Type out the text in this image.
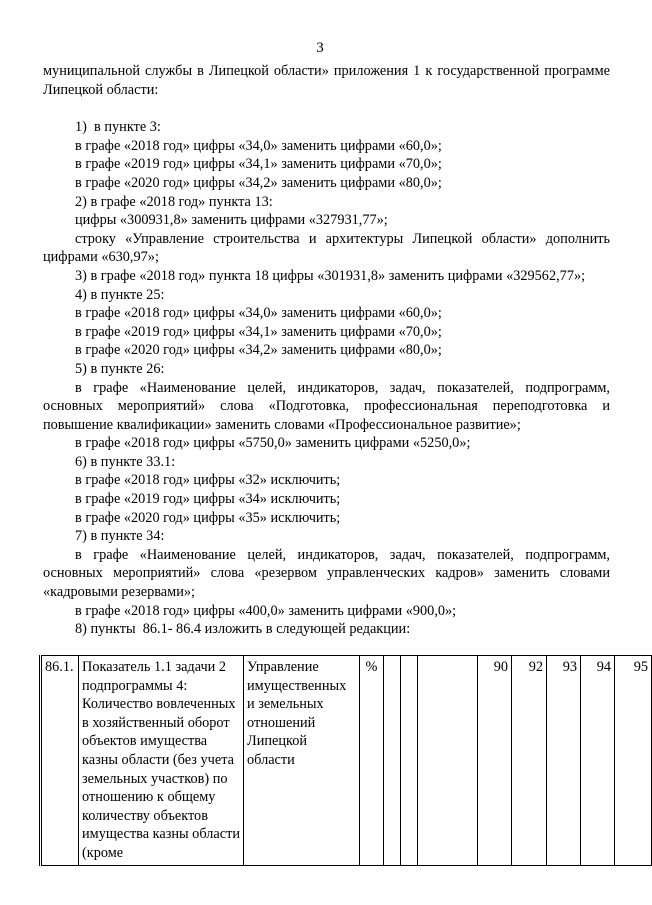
3

муниципальной службы в Липецкой области» приложения 1 к государственной программе Липецкой области:

1)  в пункте 3:

в графе «2018 год» цифры «34,0» заменить цифрами «60,0»;

в графе «2019 год» цифры «34,1» заменить цифрами «70,0»;

в графе «2020 год» цифры «34,2» заменить цифрами «80,0»;

2) в графе «2018 год» пункта 13:

цифры «300931,8» заменить цифрами «327931,77»;

строку «Управление строительства и архитектуры Липецкой области» дополнить цифрами «630,97»;

3) в графе «2018 год» пункта 18 цифры «301931,8» заменить цифрами «329562,77»;

4) в пункте 25:

в графе «2018 год» цифры «34,0» заменить цифрами «60,0»;

в графе «2019 год» цифры «34,1» заменить цифрами «70,0»;

в графе «2020 год» цифры «34,2» заменить цифрами «80,0»;

5) в пункте 26:

в графе «Наименование целей, индикаторов, задач, показателей, подпрограмм, основных мероприятий» слова «Подготовка, профессиональная переподготовка и повышение квалификации» заменить словами «Профессиональное развитие»;

в графе «2018 год» цифры «5750,0» заменить цифрами «5250,0»;

6) в пункте 33.1:

в графе «2018 год» цифры «32» исключить;

в графе «2019 год» цифры «34» исключить;

в графе «2020 год» цифры «35» исключить;

7) в пункте 34:

в графе «Наименование целей, индикаторов, задач, показателей, подпрограмм, основных мероприятий» слова «резервом управленческих кадров» заменить словами «кадровыми резервами»;

в графе «2018 год» цифры «400,0» заменить цифрами «900,0»;

8) пункты  86.1- 86.4 изложить в следующей редакции:

86.1.	Показатель 1.1 задачи 2 подпрограммы 4: Количество вовлеченных в хозяйственный оборот объектов имущества казны области (без учета земельных участков) по отношению к общему количеству объектов имущества казны области (кроме	Управление имущественных и земельных отношений Липецкой области	%				90	92	93	94	95
